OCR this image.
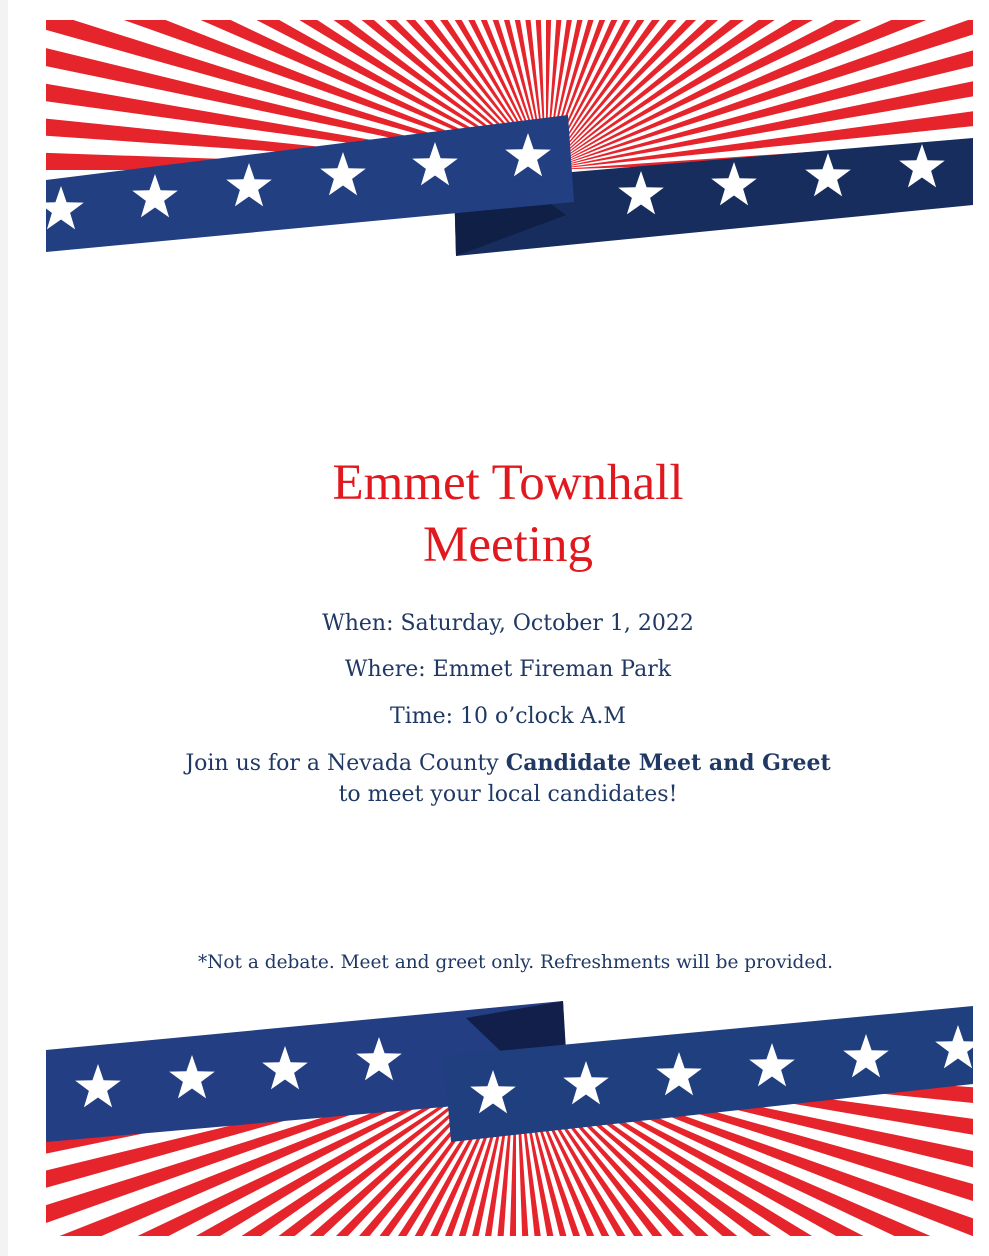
Emmet Townhall
Meeting
When: Saturday, October 1, 2022
Where: Emmet Fireman Park
Time: 10 o’clock A.M
Join us for a Nevada County Candidate Meet and Greet
to meet your local candidates!
*Not a debate. Meet and greet only. Refreshments will be provided.
